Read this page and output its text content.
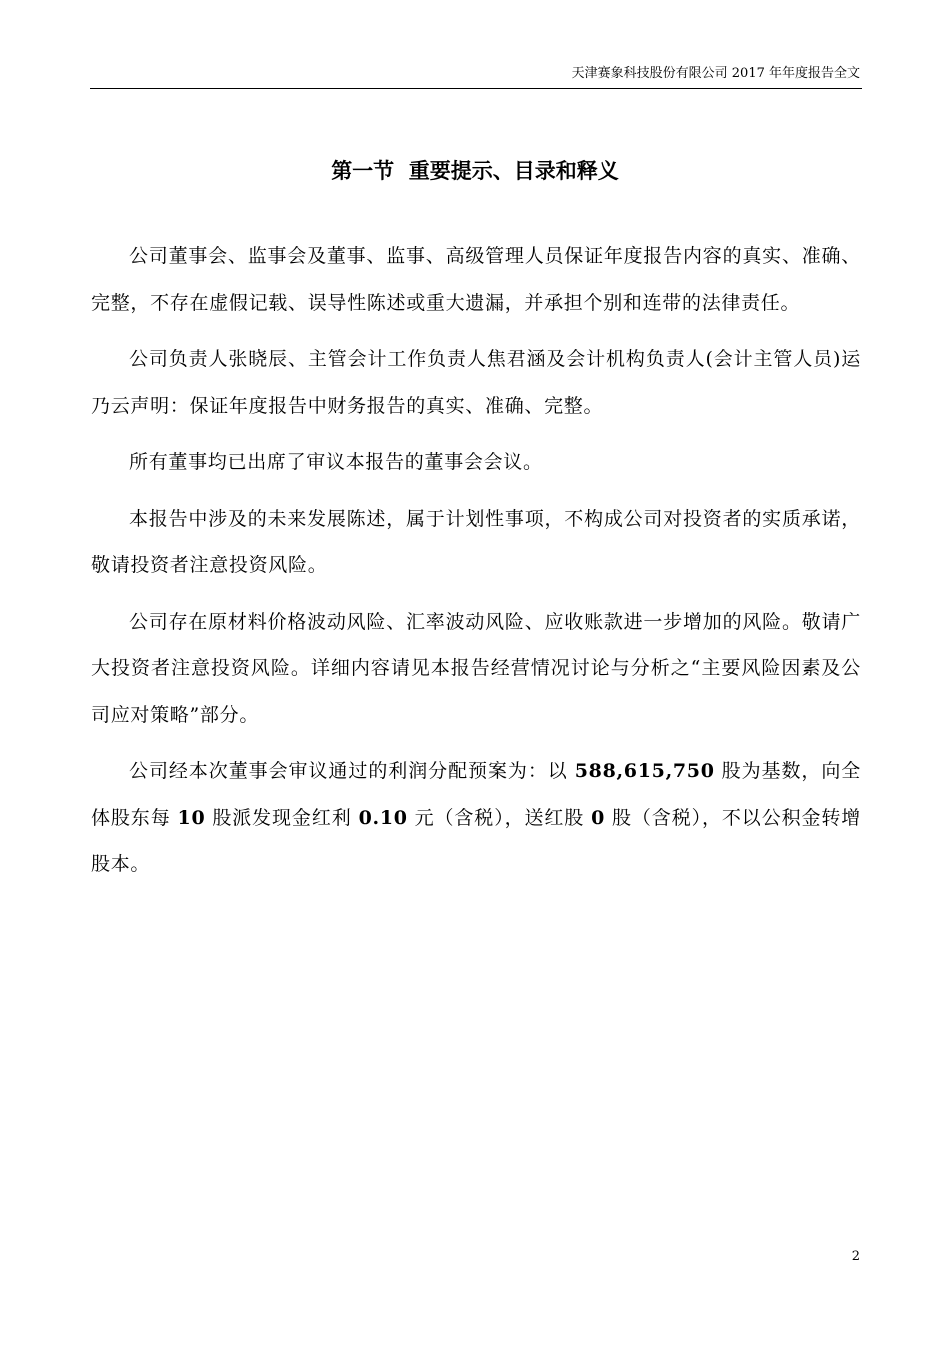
天津赛象科技股份有限公司 2017 年年度报告全文
第一节  重要提示、目录和释义

公司董事会、监事会及董事、监事、高级管理人员保证年度报告内容的真实、准确、完整，不存在虚假记载、误导性陈述或重大遗漏，并承担个别和连带的法律责任。

公司负责人张晓辰、主管会计工作负责人焦君涵及会计机构负责人(会计主管人员)运乃云声明：保证年度报告中财务报告的真实、准确、完整。

所有董事均已出席了审议本报告的董事会会议。

本报告中涉及的未来发展陈述，属于计划性事项，不构成公司对投资者的实质承诺，敬请投资者注意投资风险。

公司存在原材料价格波动风险、汇率波动风险、应收账款进一步增加的风险。敬请广大投资者注意投资风险。详细内容请见本报告经营情况讨论与分析之“主要风险因素及公司应对策略”部分。

公司经本次董事会审议通过的利润分配预案为：以 588,615,750 股为基数，向全体股东每 10 股派发现金红利 0.10 元（含税），送红股 0 股（含税），不以公积金转增股本。

2
